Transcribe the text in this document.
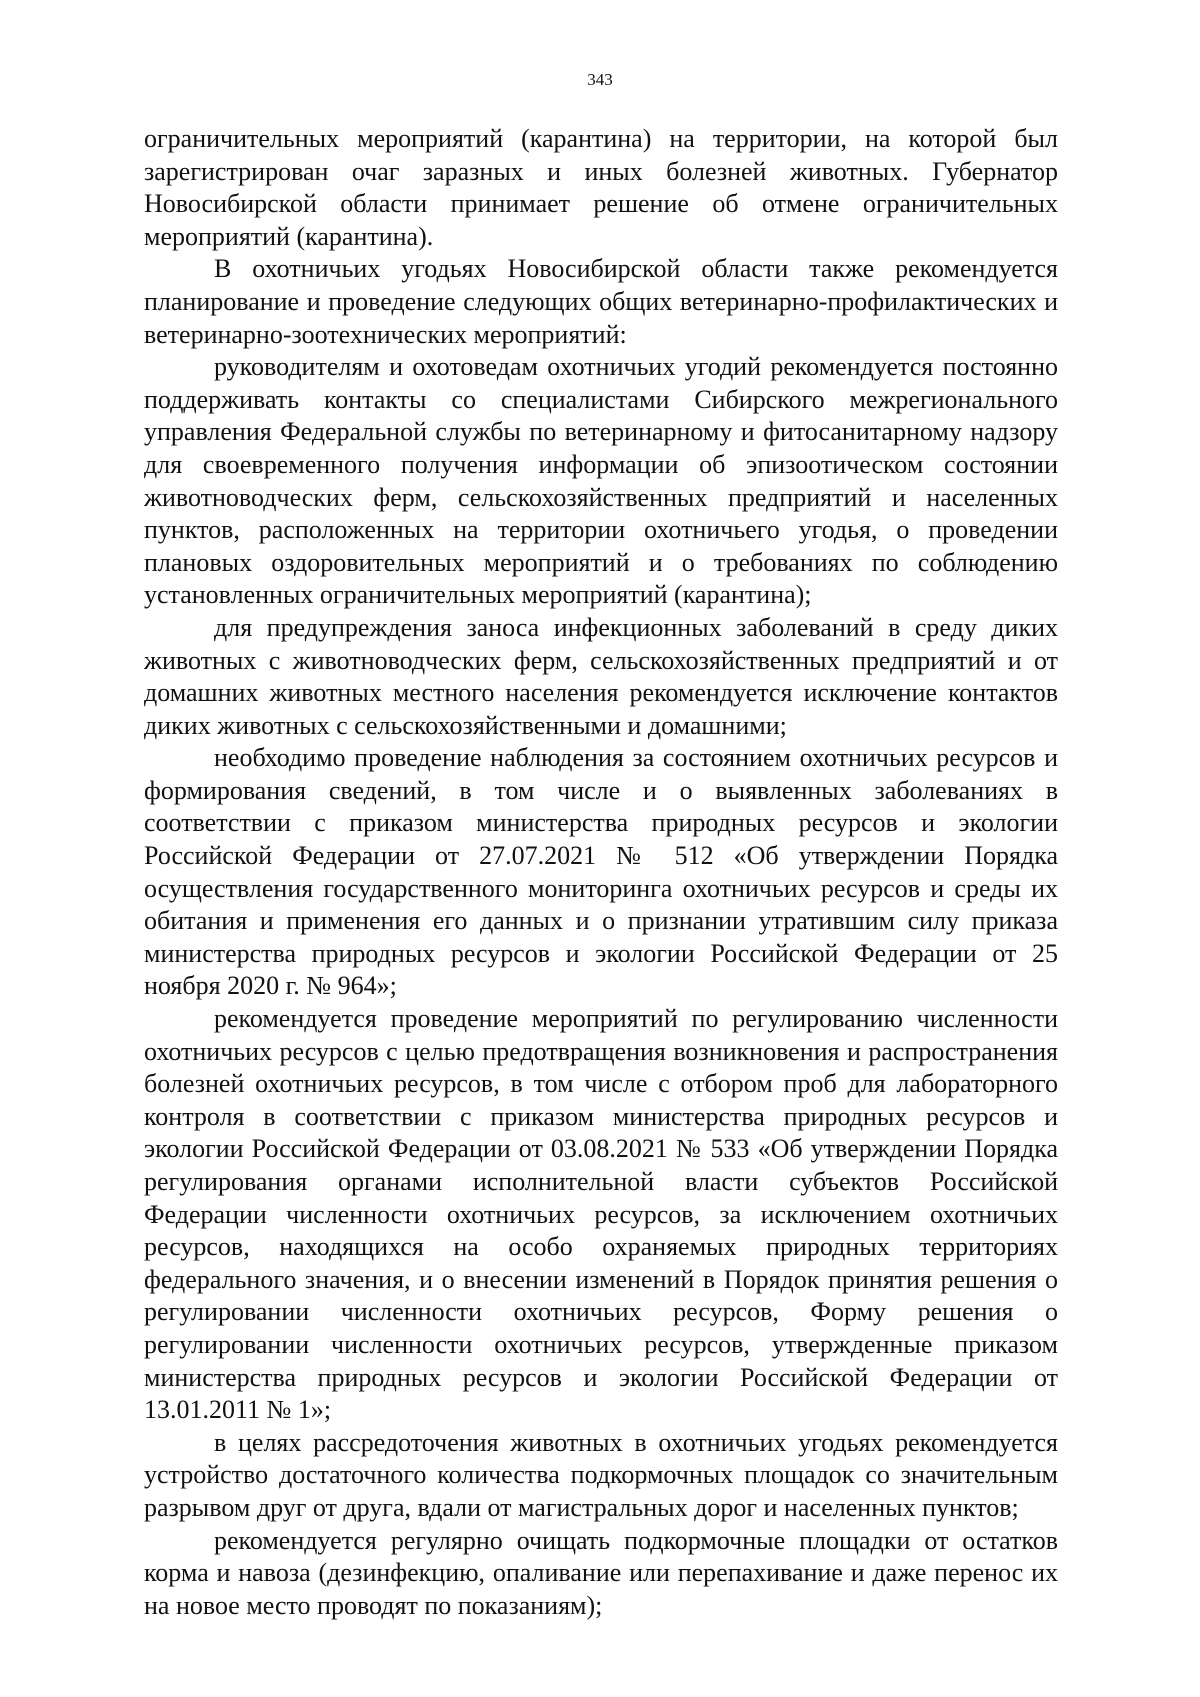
343

ограничительных мероприятий (карантина) на территории, на которой был зарегистрирован очаг заразных и иных болезней животных. Губернатор Новосибирской области принимает решение об отмене ограничительных мероприятий (карантина).

В охотничьих угодьях Новосибирской области также рекомендуется планирование и проведение следующих общих ветеринарно-профилактических и ветеринарно-зоотехнических мероприятий:

руководителям и охотоведам охотничьих угодий рекомендуется постоянно поддерживать контакты со специалистами Сибирского межрегионального управления Федеральной службы по ветеринарному и фитосанитарному надзору для своевременного получения информации об эпизоотическом состоянии животноводческих ферм, сельскохозяйственных предприятий и населенных пунктов, расположенных на территории охотничьего угодья, о проведении плановых оздоровительных мероприятий и о требованиях по соблюдению установленных ограничительных мероприятий (карантина);

для предупреждения заноса инфекционных заболеваний в среду диких животных с животноводческих ферм, сельскохозяйственных предприятий и от домашних животных местного населения рекомендуется исключение контактов диких животных с сельскохозяйственными и домашними;

необходимо проведение наблюдения за состоянием охотничьих ресурсов и формирования сведений, в том числе и о выявленных заболеваниях в соответствии с приказом министерства природных ресурсов и экологии Российской Федерации от 27.07.2021 № 512 «Об утверждении Порядка осуществления государственного мониторинга охотничьих ресурсов и среды их обитания и применения его данных и о признании утратившим силу приказа министерства природных ресурсов и экологии Российской Федерации от 25 ноября 2020 г. № 964»;

рекомендуется проведение мероприятий по регулированию численности охотничьих ресурсов с целью предотвращения возникновения и распространения болезней охотничьих ресурсов, в том числе с отбором проб для лабораторного контроля в соответствии с приказом министерства природных ресурсов и экологии Российской Федерации от 03.08.2021 № 533 «Об утверждении Порядка регулирования органами исполнительной власти субъектов Российской Федерации численности охотничьих ресурсов, за исключением охотничьих ресурсов, находящихся на особо охраняемых природных территориях федерального значения, и о внесении изменений в Порядок принятия решения о регулировании численности охотничьих ресурсов, Форму решения о регулировании численности охотничьих ресурсов, утвержденные приказом министерства природных ресурсов и экологии Российской Федерации от 13.01.2011 № 1»;

в целях рассредоточения животных в охотничьих угодьях рекомендуется устройство достаточного количества подкормочных площадок со значительным разрывом друг от друга, вдали от магистральных дорог и населенных пунктов;

рекомендуется регулярно очищать подкормочные площадки от остатков корма и навоза (дезинфекцию, опаливание или перепахивание и даже перенос их на новое место проводят по показаниям);
